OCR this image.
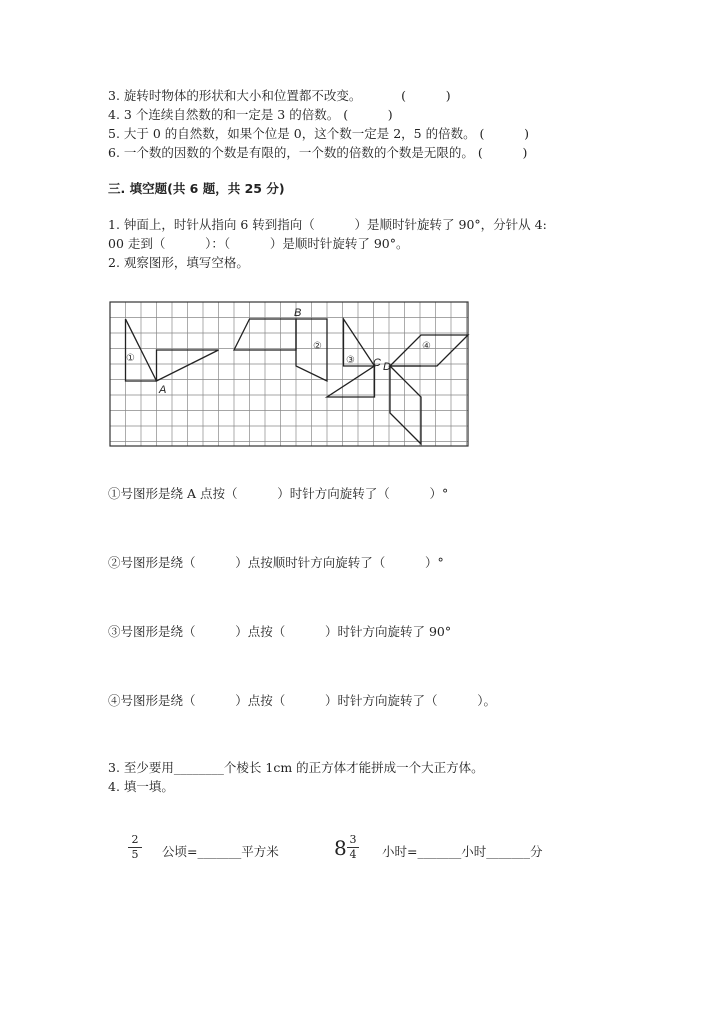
3. 旋转时物体的形状和大小和位置都不改变。          (          )
4. 3 个连续自然数的和一定是 3 的倍数。 (          )
5. 大于 0 的自然数，如果个位是 0，这个数一定是 2，5 的倍数。 (          )
6. 一个数的因数的个数是有限的，一个数的倍数的个数是无限的。 (          )
三. 填空题(共 6 题，共 25 分)
1. 钟面上，时针从指向 6 转到指向（          ）是顺时针旋转了 90°，分针从 4:
00 走到（          ）：（          ）是顺时针旋转了 90°。
2. 观察图形，填写空格。
①
②
③
④
A
B
C D
①号图形是绕 A 点按（          ）时针方向旋转了（          ）°
②号图形是绕（          ）点按顺时针方向旋转了（          ）°
③号图形是绕（          ）点按（          ）时针方向旋转了 90°
④号图形是绕（          ）点按（          ）时针方向旋转了（          ）。
3. 至少要用________个棱长 1cm 的正方体才能拼成一个大正方体。
4. 填一填。
2
5 公顷=_______平方米	8 3
4 小时=_______小时_______分
